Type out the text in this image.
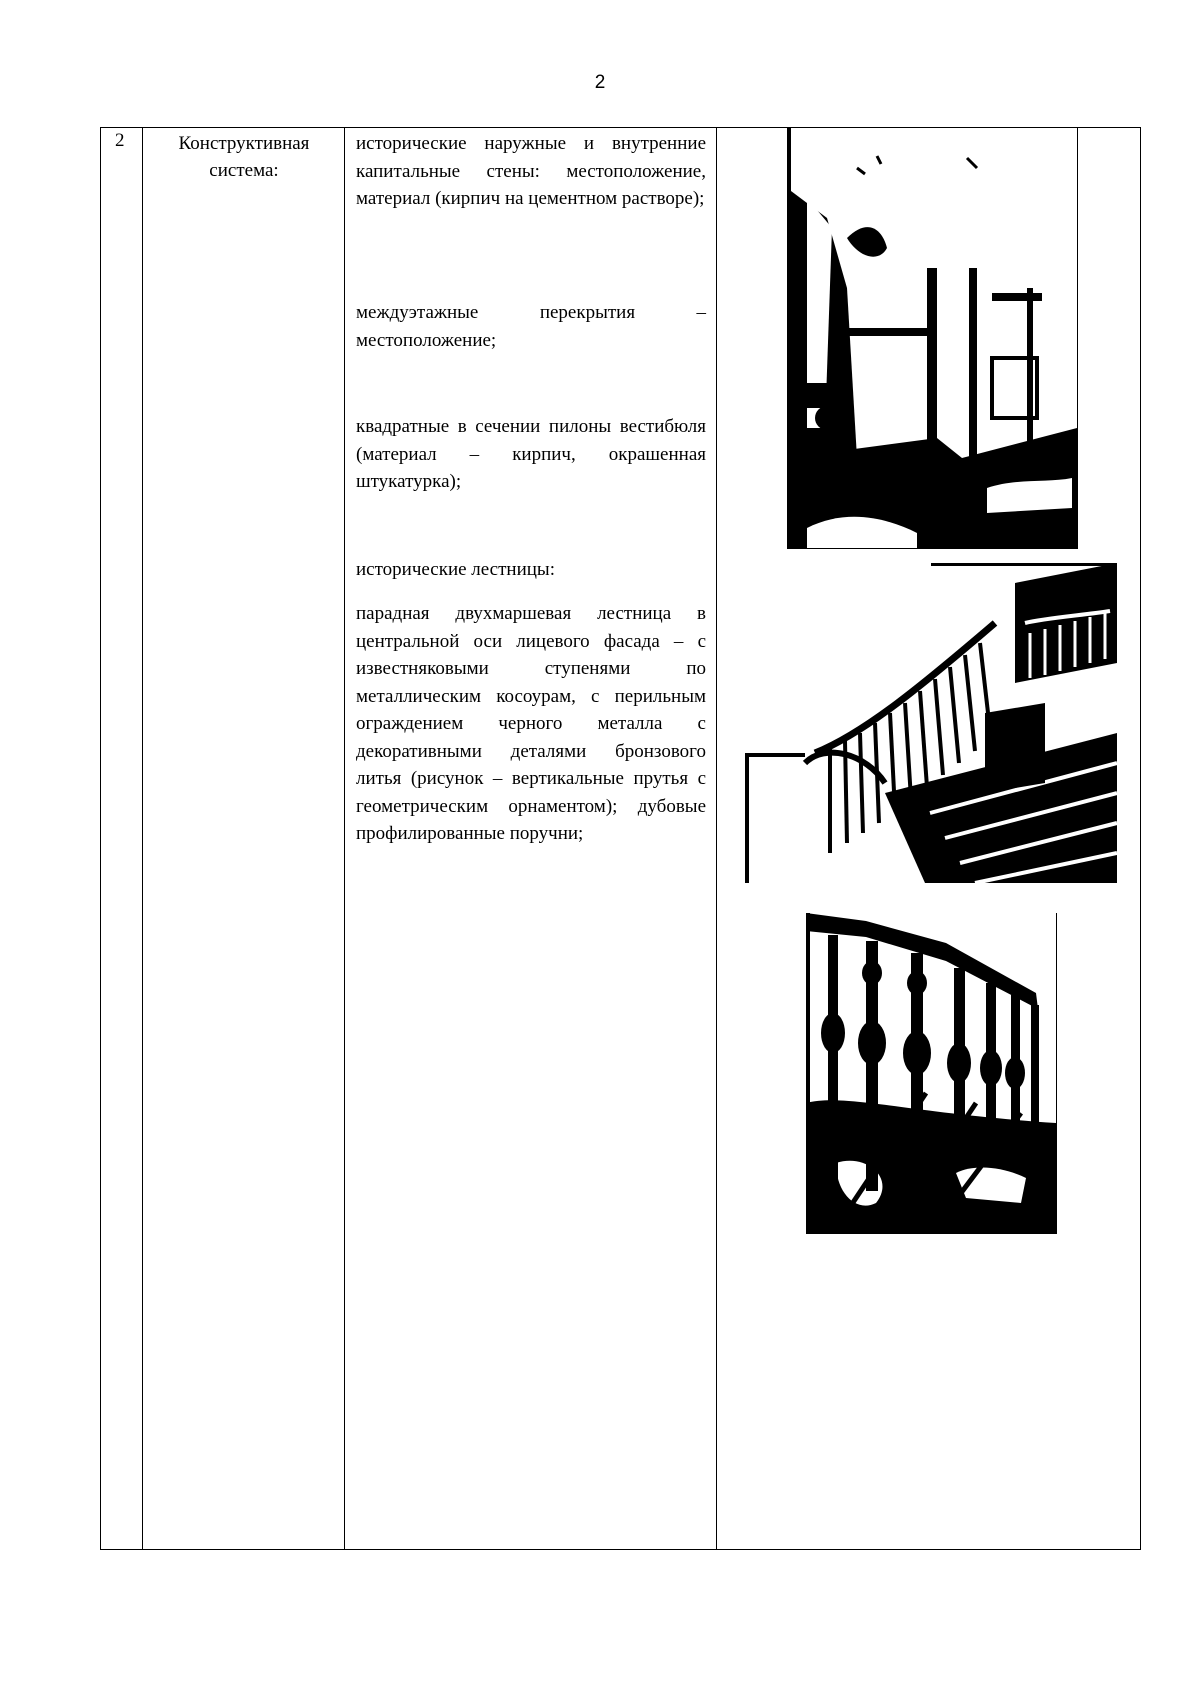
2
2	Конструктивная система:
исторические наружные и внутренние капитальные стены: местоположение, материал (кирпич на цементном растворе);
междуэтажные перекрытия – местоположение;
квадратные в сечении пилоны вестибюля (материал – кирпич, окрашенная штукатурка);
исторические лестницы:
парадная двухмаршевая лестница в центральной оси лицевого фасада – с известняковыми ступенями по металлическим косоурам, с перильным ограждением черного металла с декоративными деталями бронзового литья (рисунок – вертикальные прутья с геометрическим орнаментом); дубовые профилированные поручни;
